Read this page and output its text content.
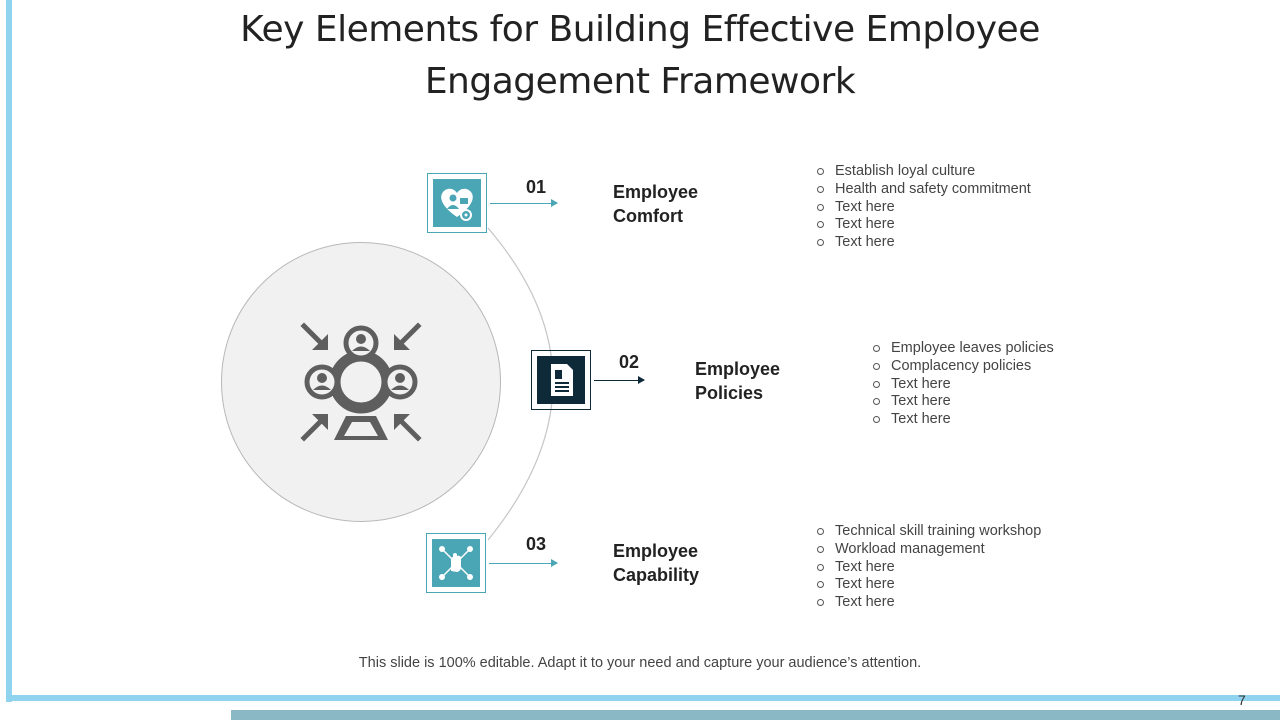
7
Key Elements for Building Effective Employee
Engagement Framework
01	Employee
Comfort
Establish loyal culture
Health and safety commitment
Text here
Text here
Text here
02	Employee
Policies
Employee leaves policies
Complacency policies
Text here
Text here
Text here
03	Employee
Capability
Technical skill training workshop
Workload management
Text here
Text here
Text here
This slide is 100% editable. Adapt it to your need and capture your audience’s attention.
